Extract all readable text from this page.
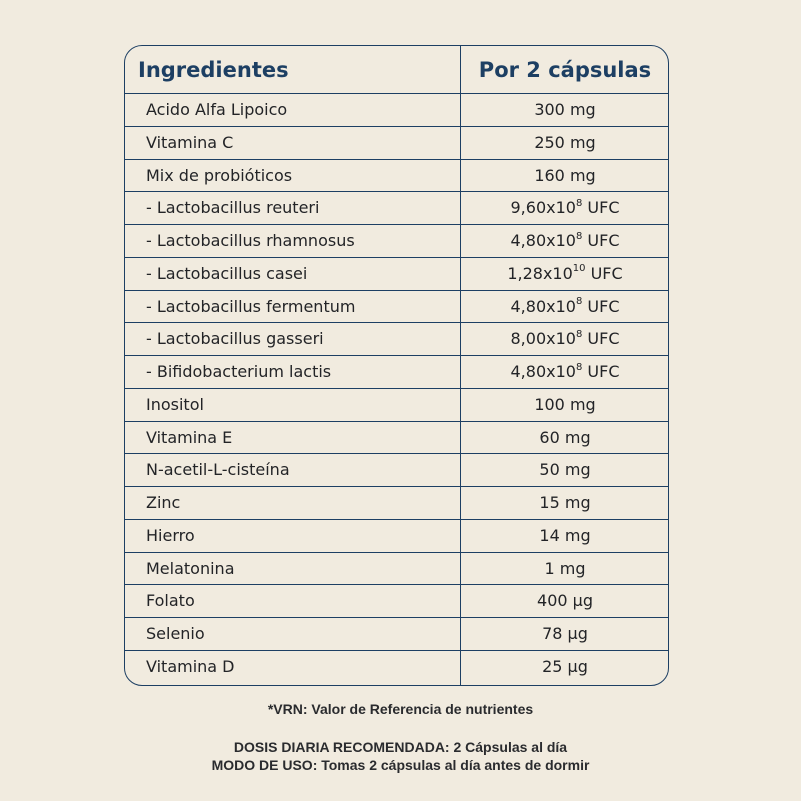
Ingredientes	Por 2 cápsulas
Acido Alfa Lipoico	300 mg
Vitamina C	250 mg
Mix de probióticos	160 mg
- Lactobacillus reuteri	$9,60x10^8$ UFC
- Lactobacillus rhamnosus	$4,80x10^8$ UFC
- Lactobacillus casei	$1,28x10^{10}$ UFC
- Lactobacillus fermentum	$4,80x10^8$ UFC
- Lactobacillus gasseri	$8,00x10^8$ UFC
- Bifidobacterium lactis	$4,80x10^8$ UFC
Inositol	100 mg
Vitamina E	60 mg
N-acetil-L-cisteína	50 mg
Zinc	15 mg
Hierro	14 mg
Melatonina	1 mg
Folato	400 µg
Selenio	78 µg
Vitamina D	25 µg
*VRN: Valor de Referencia de nutrientes
DOSIS DIARIA RECOMENDADA: 2 Cápsulas al día
MODO DE USO: Tomas 2 cápsulas al día antes de dormir
